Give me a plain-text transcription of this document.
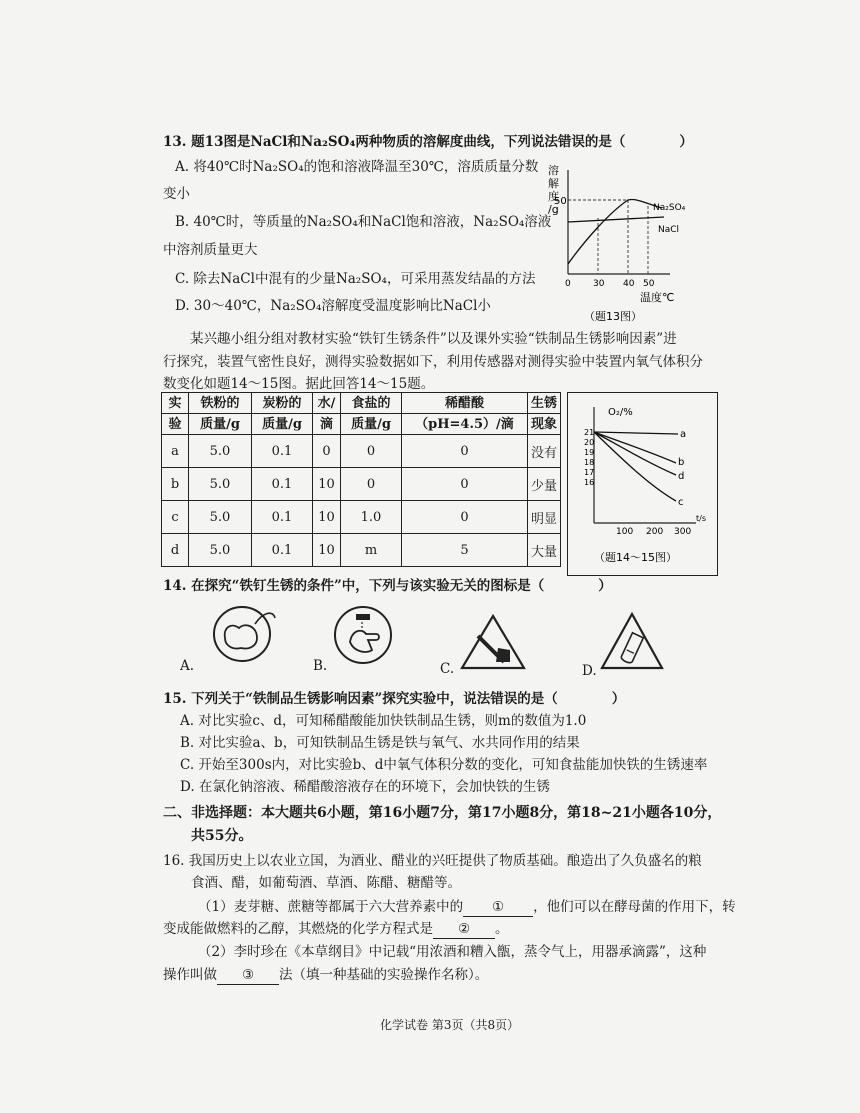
13. 题13图是NaCl和Na₂SO₄两种物质的溶解度曲线，下列说法错误的是（　　　　）
A. 将40℃时Na₂SO₄的饱和溶液降温至30℃，溶质质量分数
变小
B. 40℃时，等质量的Na₂SO₄和NaCl饱和溶液，Na₂SO₄溶液
中溶剂质量更大
C. 除去NaCl中混有的少量Na₂SO₄，可采用蒸发结晶的方法
D. 30～40℃，Na₂SO₄溶解度受温度影响比NaCl小
溶
解
度
/g
50
Na₂SO₄
NaCl
0 30 40 50
温度℃
（题13图）
某兴趣小组分组对教材实验“铁钉生锈条件”以及课外实验“铁制品生锈影响因素”进
行探究，装置气密性良好，测得实验数据如下，利用传感器对测得实验中装置内氧气体积分
数变化如题14～15图。据此回答14～15题。
实	铁粉的	炭粉的	水/	食盐的	稀醋酸	生锈
验	质量/g	质量/g	滴	质量/g	（pH=4.5）/滴	现象
a	5.0	0.1	0	0	0	没有
b	5.0	0.1	10	0	0	少量
c	5.0	0.1	10	1.0	0	明显
d	5.0	0.1	10	m	5	大量
O₂/%
21
20
19
18
17
16
a
b
d
c
100 200 300
t/s
（题14～15图）
14. 在探究“铁钉生锈的条件”中，下列与该实验无关的图标是（　　　　）
A.	B.	C.	D.
15. 下列关于“铁制品生锈影响因素”探究实验中，说法错误的是（　　　　）
A. 对比实验c、d，可知稀醋酸能加快铁制品生锈，则m的数值为1.0
B. 对比实验a、b，可知铁制品生锈是铁与氧气、水共同作用的结果
C. 开始至300s内，对比实验b、d中氧气体积分数的变化，可知食盐能加快铁的生锈速率
D. 在氯化钠溶液、稀醋酸溶液存在的环境下，会加快铁的生锈
二、非选择题：本大题共6小题，第16小题7分，第17小题8分，第18~21小题各10分，
共55分。
16. 我国历史上以农业立国，为酒业、醋业的兴旺提供了物质基础。酿造出了久负盛名的粮
食酒、醋，如葡萄酒、草酒、陈醋、糖醋等。
（1）麦芽糖、蔗糖等都属于六大营养素中的 ① ，他们可以在酵母菌的作用下，转
变成能做燃料的乙醇，其燃烧的化学方程式是 ② 。
（2）李时珍在《本草纲目》中记载“用浓酒和糟入甑，蒸令气上，用器承滴露”，这种
操作叫做 ③ 法（填一种基础的实验操作名称）。
化学试卷 第3页（共8页）
